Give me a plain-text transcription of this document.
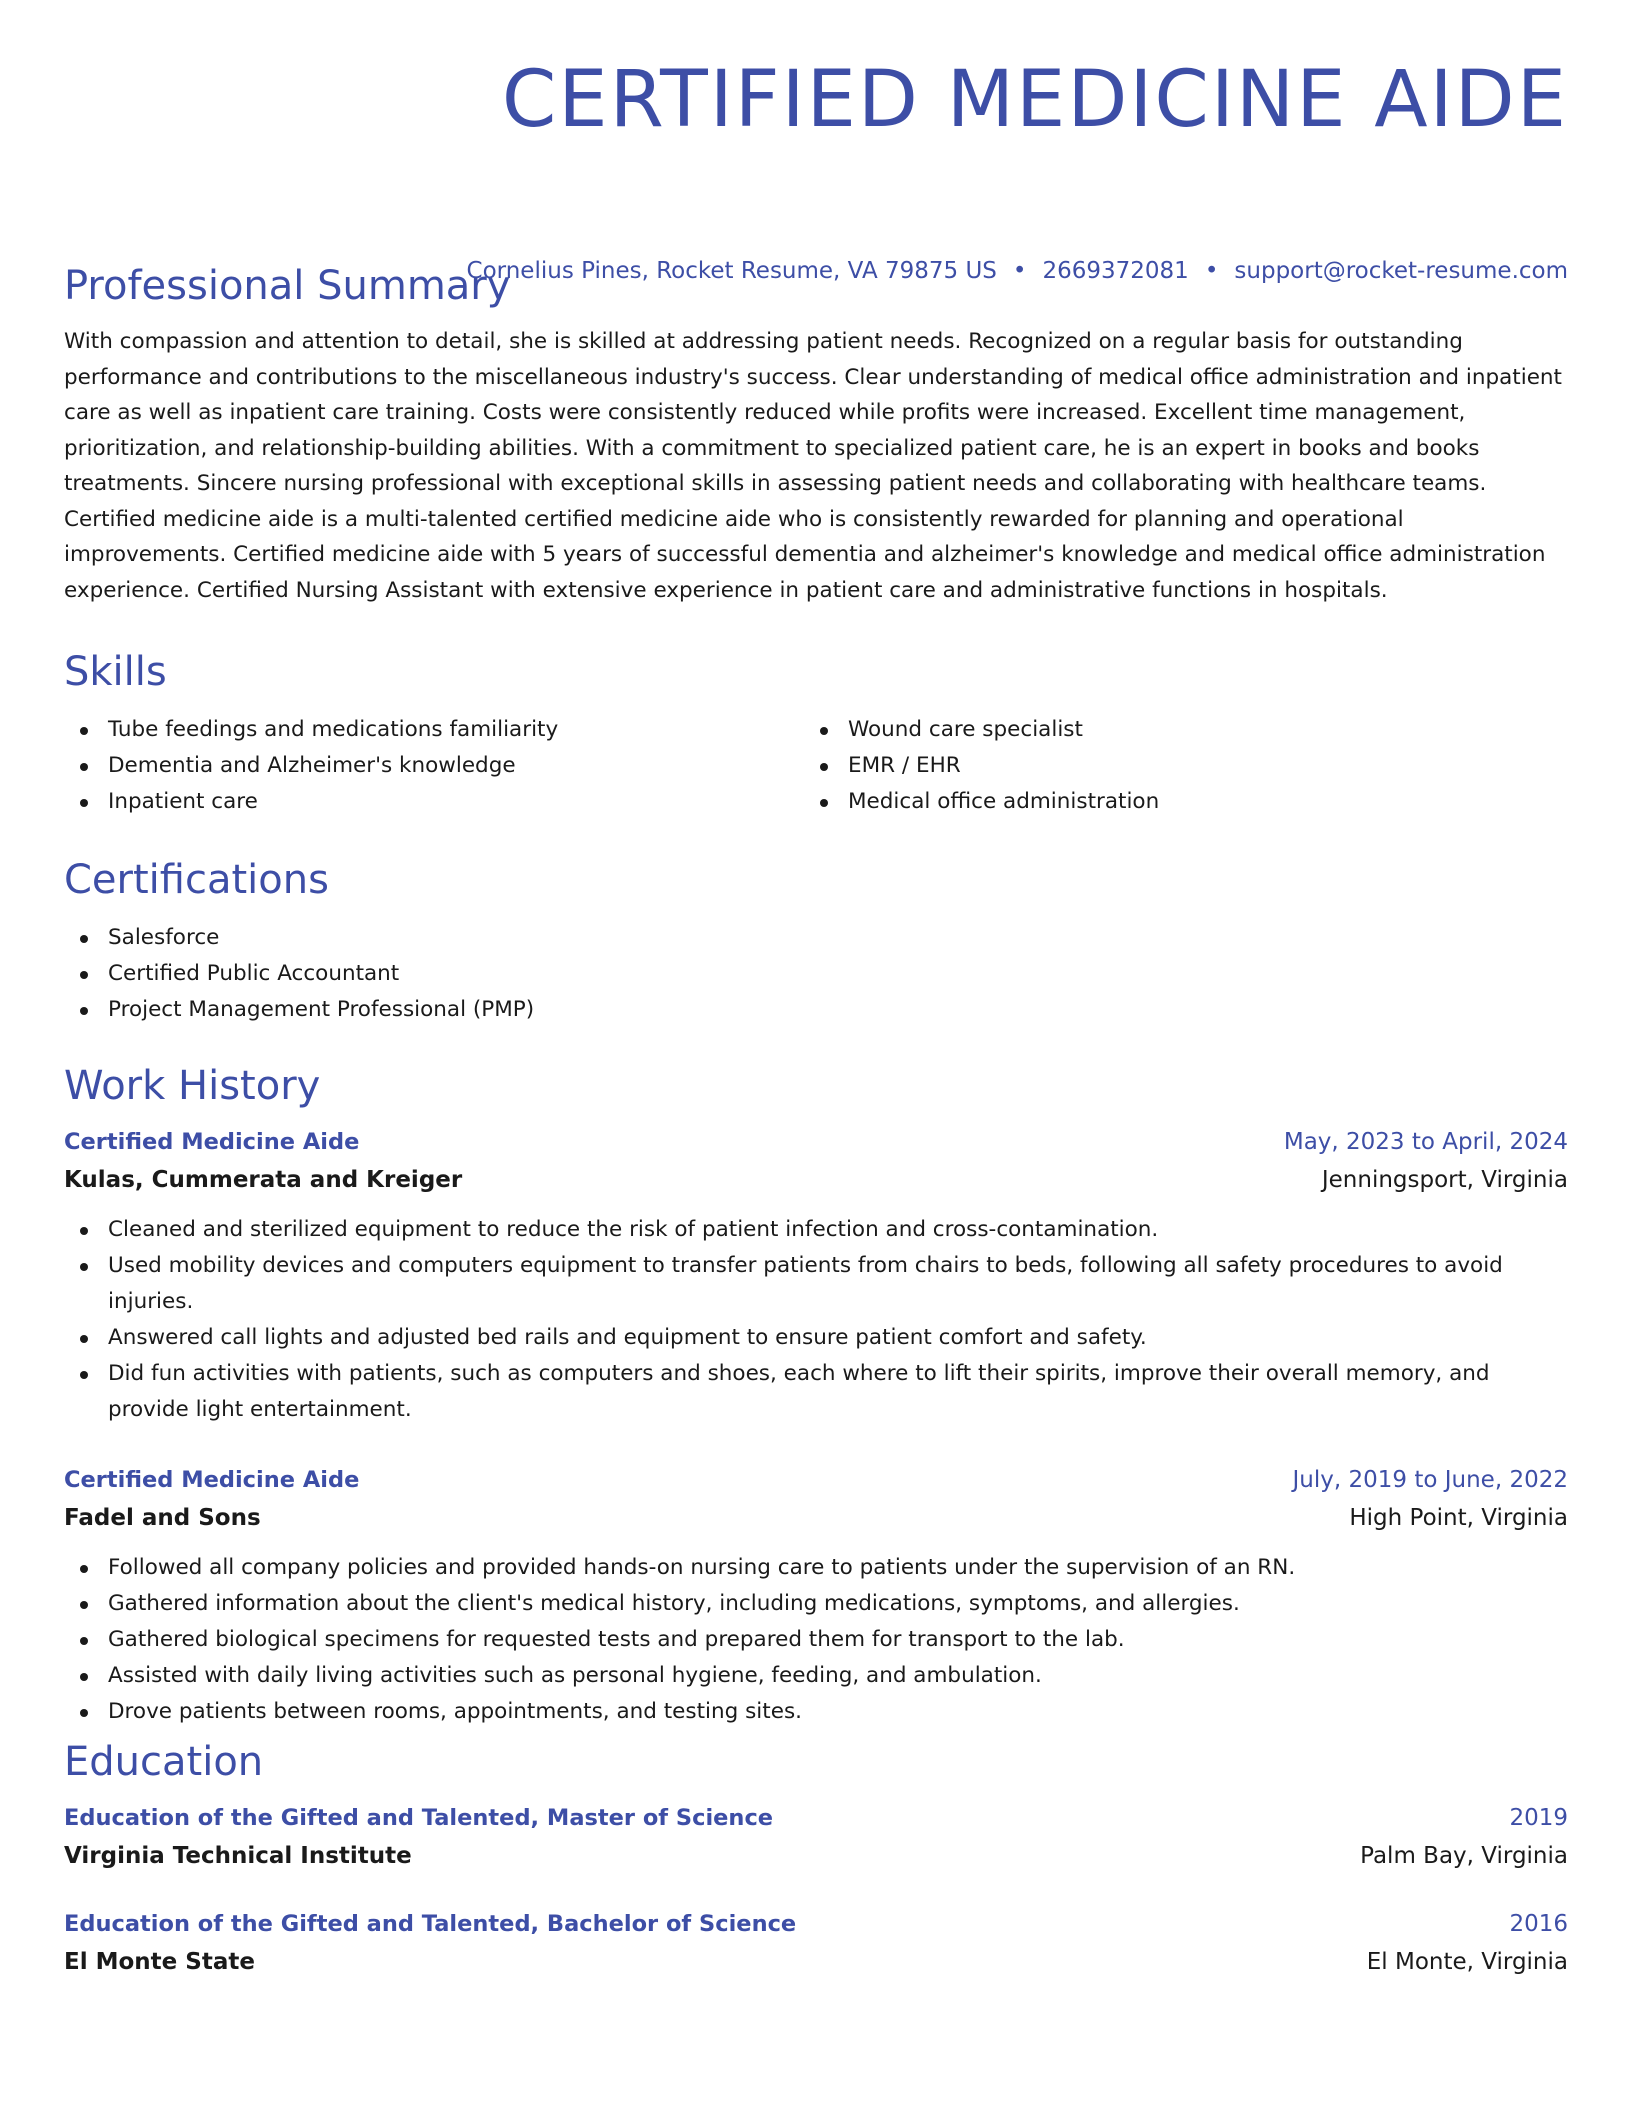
CERTIFIED MEDICINE AIDE
Cornelius Pines, Rocket Resume, VA 79875 US • 2669372081 • support@rocket-resume.com
Professional Summary

With compassion and attention to detail, she is skilled at addressing patient needs. Recognized on a regular basis for outstanding performance and contributions to the miscellaneous industry's success. Clear understanding of medical office administration and inpatient care as well as inpatient care training. Costs were consistently reduced while profits were increased. Excellent time management, prioritization, and relationship-building abilities. With a commitment to specialized patient care, he is an expert in books and books treatments. Sincere nursing professional with exceptional skills in assessing patient needs and collaborating with healthcare teams. Certified medicine aide is a multi-talented certified medicine aide who is consistently rewarded for planning and operational improvements. Certified medicine aide with 5 years of successful dementia and alzheimer's knowledge and medical office administration experience. Certified Nursing Assistant with extensive experience in patient care and administrative functions in hospitals.

Skills
Tube feedings and medications familiarity
Dementia and Alzheimer's knowledge
Inpatient care
Wound care specialist
EMR / EHR
Medical office administration
Certifications
Salesforce
Certified Public Accountant
Project Management Professional (PMP)
Work History
Certified Medicine Aide	May, 2023 to April, 2024
Kulas, Cummerata and Kreiger	Jenningsport, Virginia
Cleaned and sterilized equipment to reduce the risk of patient infection and cross-contamination.
Used mobility devices and computers equipment to transfer patients from chairs to beds, following all safety procedures to avoid injuries.
Answered call lights and adjusted bed rails and equipment to ensure patient comfort and safety.
Did fun activities with patients, such as computers and shoes, each where to lift their spirits, improve their overall memory, and provide light entertainment.
Certified Medicine Aide	July, 2019 to June, 2022
Fadel and Sons	High Point, Virginia
Followed all company policies and provided hands-on nursing care to patients under the supervision of an RN.
Gathered information about the client's medical history, including medications, symptoms, and allergies.
Gathered biological specimens for requested tests and prepared them for transport to the lab.
Assisted with daily living activities such as personal hygiene, feeding, and ambulation.
Drove patients between rooms, appointments, and testing sites.
Education
Education of the Gifted and Talented, Master of Science	2019
Virginia Technical Institute	Palm Bay, Virginia
Education of the Gifted and Talented, Bachelor of Science	2016
El Monte State	El Monte, Virginia
